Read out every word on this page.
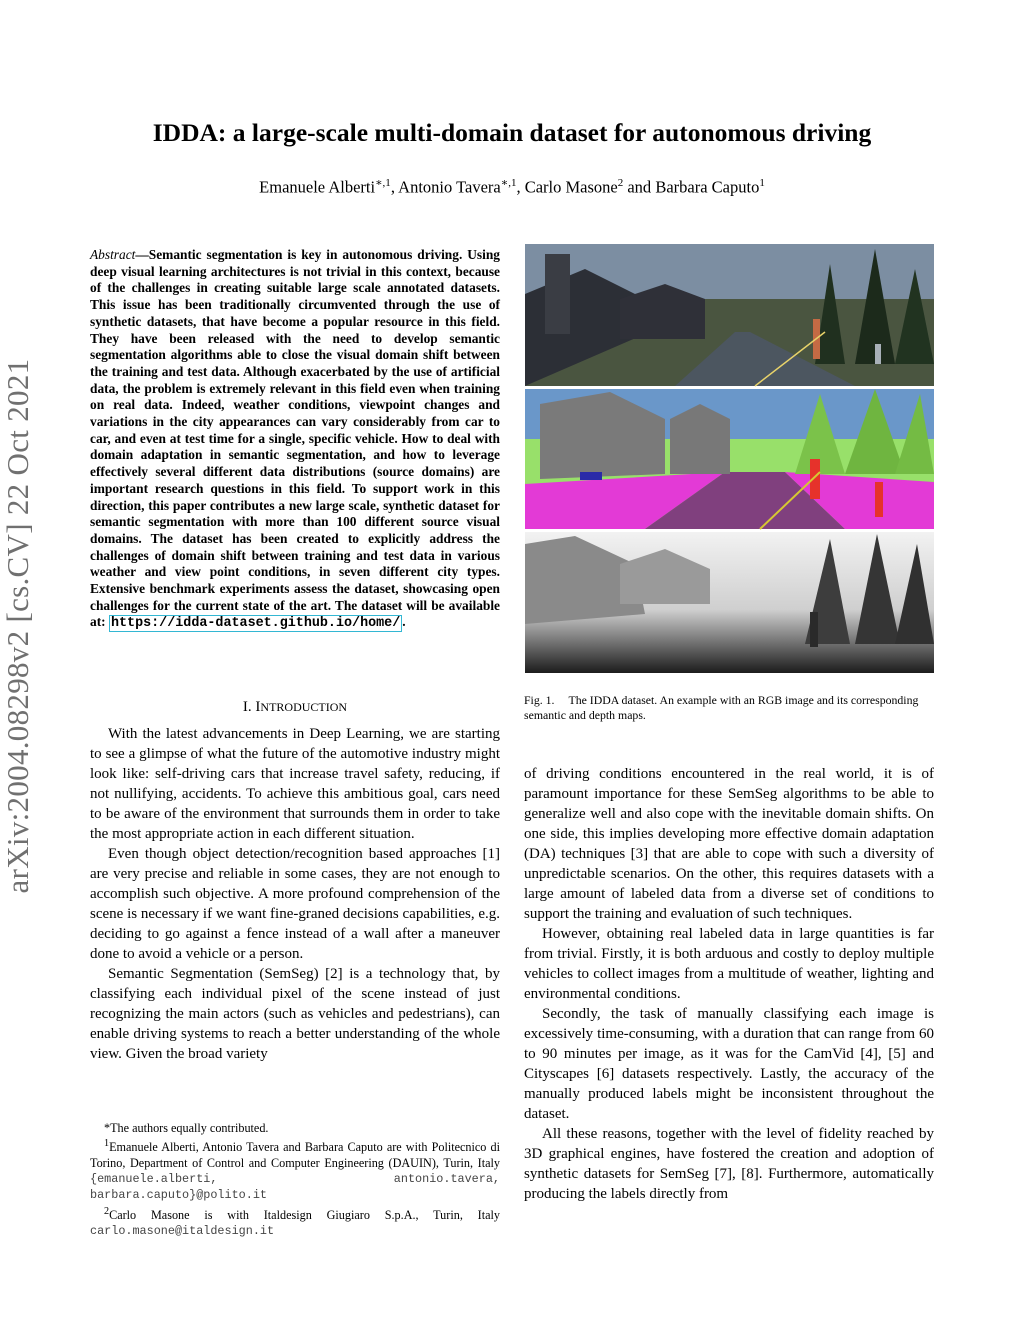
arXiv:2004.08298v2 [cs.CV] 22 Oct 2021
IDDA: a large-scale multi-domain dataset for autonomous driving
Emanuele Alberti$^{∗,1}$, Antonio Tavera$^{∗,1}$, Carlo Masone$^2$ and Barbara Caputo$^1$
Abstract—Semantic segmentation is key in autonomous driving. Using deep visual learning architectures is not trivial in this context, because of the challenges in creating suitable large scale annotated datasets. This issue has been traditionally circumvented through the use of synthetic datasets, that have become a popular resource in this field. They have been released with the need to develop semantic segmentation algorithms able to close the visual domain shift between the training and test data. Although exacerbated by the use of artificial data, the problem is extremely relevant in this field even when training on real data. Indeed, weather conditions, viewpoint changes and variations in the city appearances can vary considerably from car to car, and even at test time for a single, specific vehicle. How to deal with domain adaptation in semantic segmentation, and how to leverage effectively several different data distributions (source domains) are important research questions in this field. To support work in this direction, this paper contributes a new large scale, synthetic dataset for semantic segmentation with more than 100 different source visual domains. The dataset has been created to explicitly address the challenges of domain shift between training and test data in various weather and view point conditions, in seven different city types. Extensive benchmark experiments assess the dataset, showcasing open challenges for the current state of the art. The dataset will be available at: https://idda-dataset.github.io/home/ .
I. INTRODUCTION

With the latest advancements in Deep Learning, we are starting to see a glimpse of what the future of the automotive industry might look like: self-driving cars that increase travel safety, reducing, if not nullifying, accidents. To achieve this ambitious goal, cars need to be aware of the environment that surrounds them in order to take the most appropriate action in each different situation.

Even though object detection/recognition based approaches [1] are very precise and reliable in some cases, they are not enough to accomplish such objective. A more profound comprehension of the scene is necessary if we want fine-graned decisions capabilities, e.g. deciding to go against a fence instead of a wall after a maneuver done to avoid a vehicle or a person.

Semantic Segmentation (SemSeg) [2] is a technology that, by classifying each individual pixel of the scene instead of just recognizing the main actors (such as vehicles and pedestrians), can enable driving systems to reach a better understanding of the whole view. Given the broad variety

*The authors equally contributed.

$^1$Emanuele Alberti, Antonio Tavera and Barbara Caputo are with Politecnico di Torino, Department of Control and Computer Engineering (DAUIN), Turin, Italy {emanuele.alberti, antonio.tavera, barbara.caputo}@polito.it

$^2$Carlo Masone is with Italdesign Giugiaro S.p.A., Turin, Italy carlo.masone@italdesign.it

Fig. 1. The IDDA dataset. An example with an RGB image and its corresponding semantic and depth maps.

of driving conditions encountered in the real world, it is of paramount importance for these SemSeg algorithms to be able to generalize well and also cope with the inevitable domain shifts. On one side, this implies developing more effective domain adaptation (DA) techniques [3] that are able to cope with such a diversity of unpredictable scenarios. On the other, this requires datasets with a large amount of labeled data from a diverse set of conditions to support the training and evaluation of such techniques.

However, obtaining real labeled data in large quantities is far from trivial. Firstly, it is both arduous and costly to deploy multiple vehicles to collect images from a multitude of weather, lighting and environmental conditions.

Secondly, the task of manually classifying each image is excessively time-consuming, with a duration that can range from 60 to 90 minutes per image, as it was for the CamVid [4], [5] and Cityscapes [6] datasets respectively. Lastly, the accuracy of the manually produced labels might be inconsistent throughout the dataset.

All these reasons, together with the level of fidelity reached by 3D graphical engines, have fostered the creation and adoption of synthetic datasets for SemSeg [7], [8]. Furthermore, automatically producing the labels directly from
